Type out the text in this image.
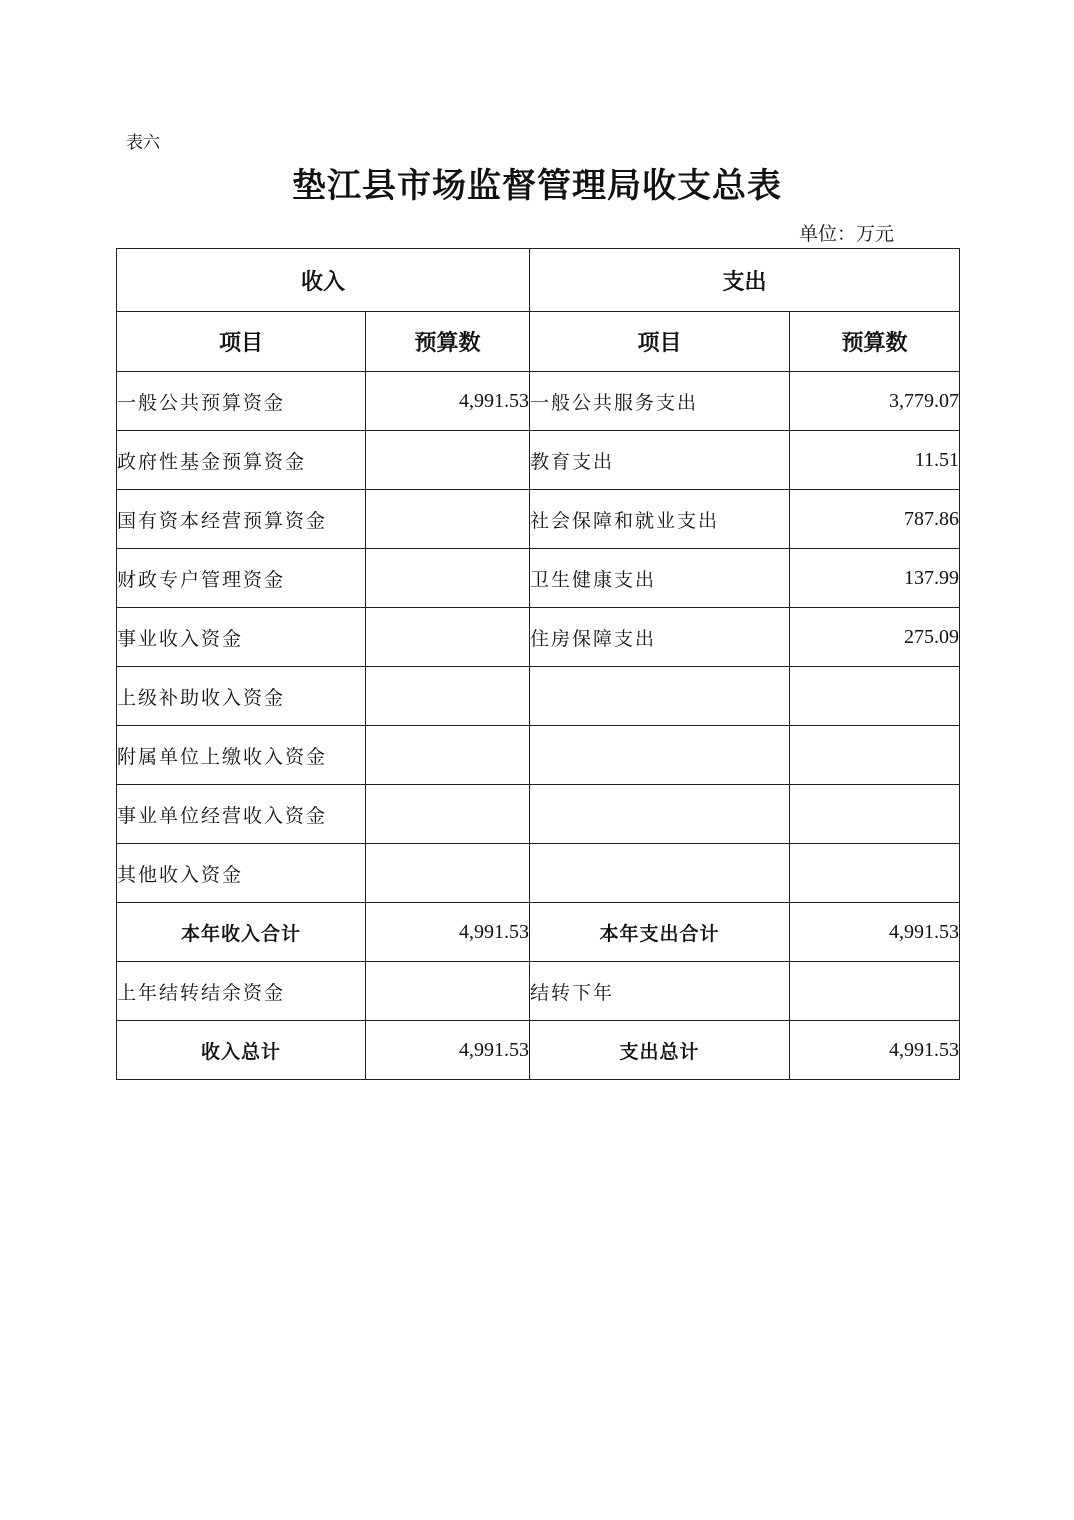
表六
垫江县市场监督管理局收支总表
单位：万元
收入		支出	
项目	预算数	项目	预算数
一般公共预算资金	4,991.53	一般公共服务支出	3,779.07
政府性基金预算资金		教育支出	11.51
国有资本经营预算资金		社会保障和就业支出	787.86
财政专户管理资金		卫生健康支出	137.99
事业收入资金		住房保障支出	275.09
上级补助收入资金			
附属单位上缴收入资金			
事业单位经营收入资金			
其他收入资金			
本年收入合计	4,991.53	本年支出合计	4,991.53
上年结转结余资金		结转下年	
收入总计	4,991.53	支出总计	4,991.53
